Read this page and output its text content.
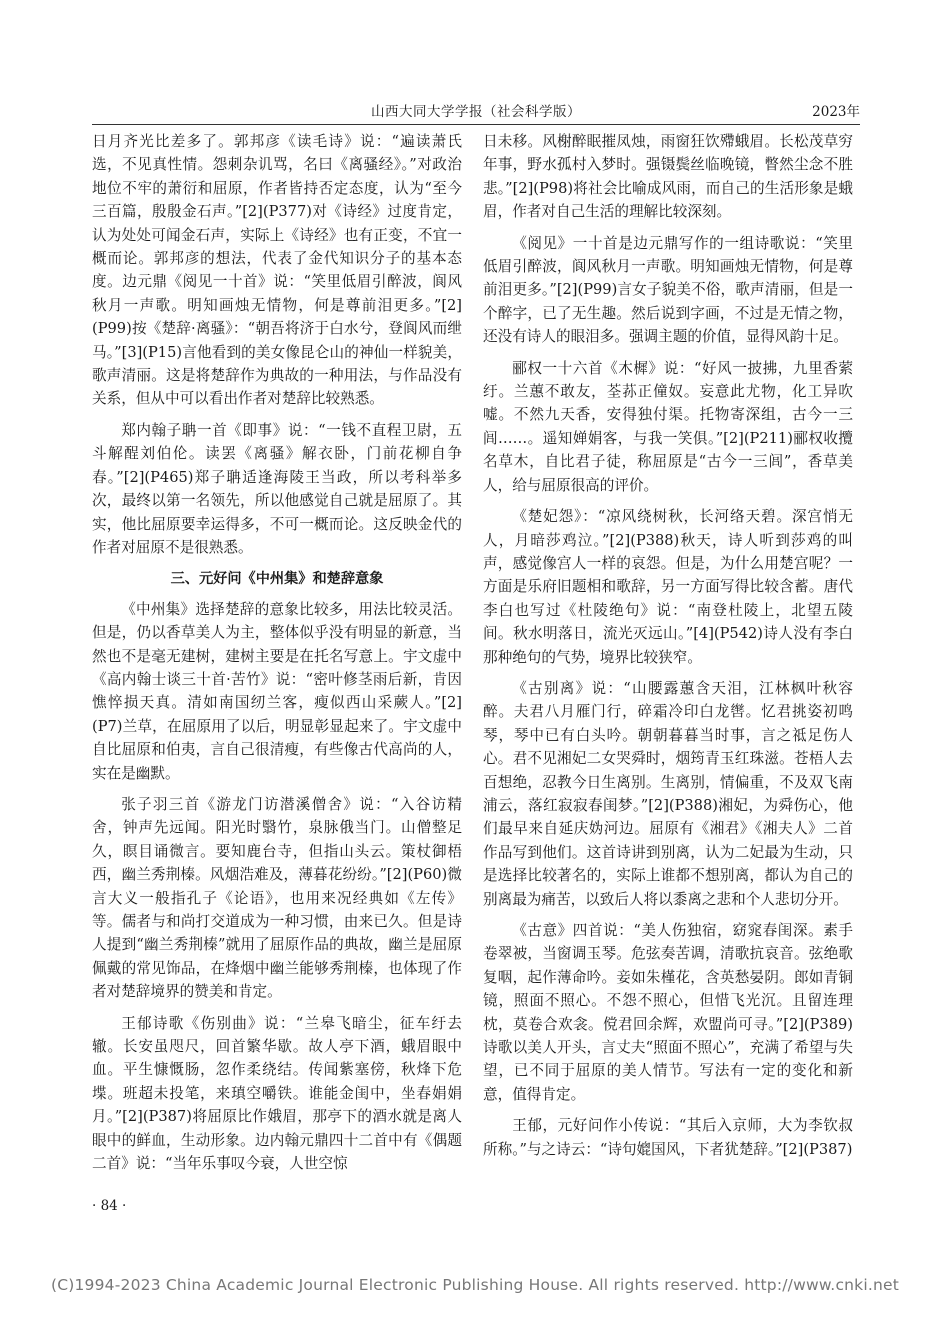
山西大同大学学报（社会科学版）	2023年

日月齐光比差多了。郭邦彦《读毛诗》说：“遍读萧氏选，不见真性情。怨刺杂讥骂，名曰《离骚经》。”对政治地位不牢的萧衍和屈原，作者皆持否定态度，认为“至今三百篇，殷殷金石声。”[2](P377)对《诗经》过度肯定，认为处处可闻金石声，实际上《诗经》也有正变，不宜一概而论。郭邦彦的想法，代表了金代知识分子的基本态度。边元鼎《阅见一十首》说：“笑里低眉引醉波，阆风秋月一声歌。明知画烛无情物，何是尊前泪更多。”[2](P99)按《楚辞·离骚》：“朝吾将济于白水兮，登阆风而绁马。”[3](P15)言他看到的美女像昆仑山的神仙一样貌美，歌声清丽。这是将楚辞作为典故的一种用法，与作品没有关系，但从中可以看出作者对楚辞比较熟悉。

郑内翰子聃一首《即事》说：“一钱不直程卫尉，五斗解酲刘伯伦。读罢《离骚》解衣卧，门前花柳自争春。”[2](P465)郑子聃适逢海陵王当政，所以考科举多次，最终以第一名领先，所以他感觉自己就是屈原了。其实，他比屈原要幸运得多，不可一概而论。这反映金代的作者对屈原不是很熟悉。

三、元好问《中州集》和楚辞意象

《中州集》选择楚辞的意象比较多，用法比较灵活。但是，仍以香草美人为主，整体似乎没有明显的新意，当然也不是毫无建树，建树主要是在托名写意上。宇文虚中《高内翰士谈三十首·苦竹》说：“密叶修茎雨后新，肯因憔悴损天真。清如南国纫兰客，瘦似西山采蕨人。”[2](P7)兰草，在屈原用了以后，明显彰显起来了。宇文虚中自比屈原和伯夷，言自己很清瘦，有些像古代高尚的人，实在是幽默。

张子羽三首《游龙门访潜溪僧舍》说：“入谷访精舍，钟声先远闻。阳光时翳竹，泉脉俄当门。山僧整足久，瞑目诵微言。要知鹿台寺，但指山头云。策杖御梧西，幽兰秀荆榛。风烟浩难及，薄暮花纷纷。”[2](P60)微言大义一般指孔子《论语》，也用来况经典如《左传》等。儒者与和尚打交道成为一种习惯，由来已久。但是诗人提到“幽兰秀荆榛”就用了屈原作品的典故，幽兰是屈原佩戴的常见饰品，在烽烟中幽兰能够秀荆榛，也体现了作者对楚辞境界的赞美和肯定。

王郁诗歌《伤别曲》说：“兰皋飞暗尘，征车纡去辙。长安虽咫尺，回首繁华歇。故人亭下酒，蛾眉眼中血。平生慷慨肠，忽作柔绕结。传闻紫塞傍，秋烽下危堞。班超未投笔，来瑱空嚼铁。谁能金闺中，坐春娟娟月。”[2](P387)将屈原比作娥眉，那亭下的酒水就是离人眼中的鲜血，生动形象。边内翰元鼎四十二首中有《偶题二首》说：“当年乐事叹今衰，人世空惊

日未移。风榭醉眠摧凤烛，雨窗狂饮殢蛾眉。长松茂草穷年事，野水孤村入梦时。强镊鬓丝临晚镜，瞥然尘念不胜悲。”[2](P98)将社会比喻成风雨，而自己的生活形象是蛾眉，作者对自己生活的理解比较深刻。

《阅见》一十首是边元鼎写作的一组诗歌说：“笑里低眉引醉波，阆风秋月一声歌。明知画烛无情物，何是尊前泪更多。”[2](P99)言女子貌美不俗，歌声清丽，但是一个醉字，已了无生趣。然后说到字画，不过是无情之物，还没有诗人的眼泪多。强调主题的价值，显得风韵十足。

郦权一十六首《木樨》说：“好风一披拂，九里香萦纡。兰蕙不敢友，荃荪正僮奴。妄意此尤物，化工异吹嘘。不然九天香，安得独付渠。托物寄深组，古今一三闾……。遥知婵娟客，与我一笑俱。”[2](P211)郦权收攬名草木，自比君子徒，称屈原是“古今一三闾”，香草美人，给与屈原很高的评价。

《楚妃怨》：“凉风绕树秋，长河络天碧。深宫悄无人，月暗莎鸡泣。”[2](P388)秋天，诗人听到莎鸡的叫声，感觉像宫人一样的哀怨。但是，为什么用楚宫呢？一方面是乐府旧题相和歌辞，另一方面写得比较含蓄。唐代李白也写过《杜陵绝句》说：“南登杜陵上，北望五陵间。秋水明落日，流光灭远山。”[4](P542)诗人没有李白那种绝句的气势，境界比较狭窄。

《古别离》说：“山腰露蕙含天泪，江林枫叶秋容醉。夫君八月雁门行，碎霜冷印白龙辔。忆君挑姿初鸣琴，琴中已有白头吟。朝朝暮暮当时事，言之祗足伤人心。君不见湘妃二女哭舜时，烟筠青玉红珠滋。苍梧人去百想绝，忍教今日生离别。生离别，情偏重，不及双飞南浦云，落红寂寂春闺梦。”[2](P388)湘妃，为舜伤心，他们最早来自延庆妫河边。屈原有《湘君》《湘夫人》二首作品写到他们。这首诗讲到别离，认为二妃最为生动，只是选择比较著名的，实际上谁都不想别离，都认为自己的别离最为痛苦，以致后人将以黍离之悲和个人悲切分开。

《古意》四首说：“美人伤独宿，窈窕春闺深。素手卷翠被，当窗调玉琴。危弦奏苦调，清歌抗哀音。弦绝歌复咽，起作薄命吟。妾如朱槿花，含英愁晏阴。郎如青铜镜，照面不照心。不怨不照心，但惜飞光沉。且留连理枕，莫卷合欢衾。傥君回余辉，欢盟尚可寻。”[2](P389)诗歌以美人开头，言丈夫“照面不照心”，充满了希望与失望，已不同于屈原的美人情节。写法有一定的变化和新意，值得肯定。

王郁，元好问作小传说：“其后入京师，大为李钦叔所称。”与之诗云：“诗句媲国风，下者犹楚辞。”[2](P387)

· 84 ·
(C)1994-2023 China Academic Journal Electronic Publishing House. All rights reserved. http://www.cnki.net
